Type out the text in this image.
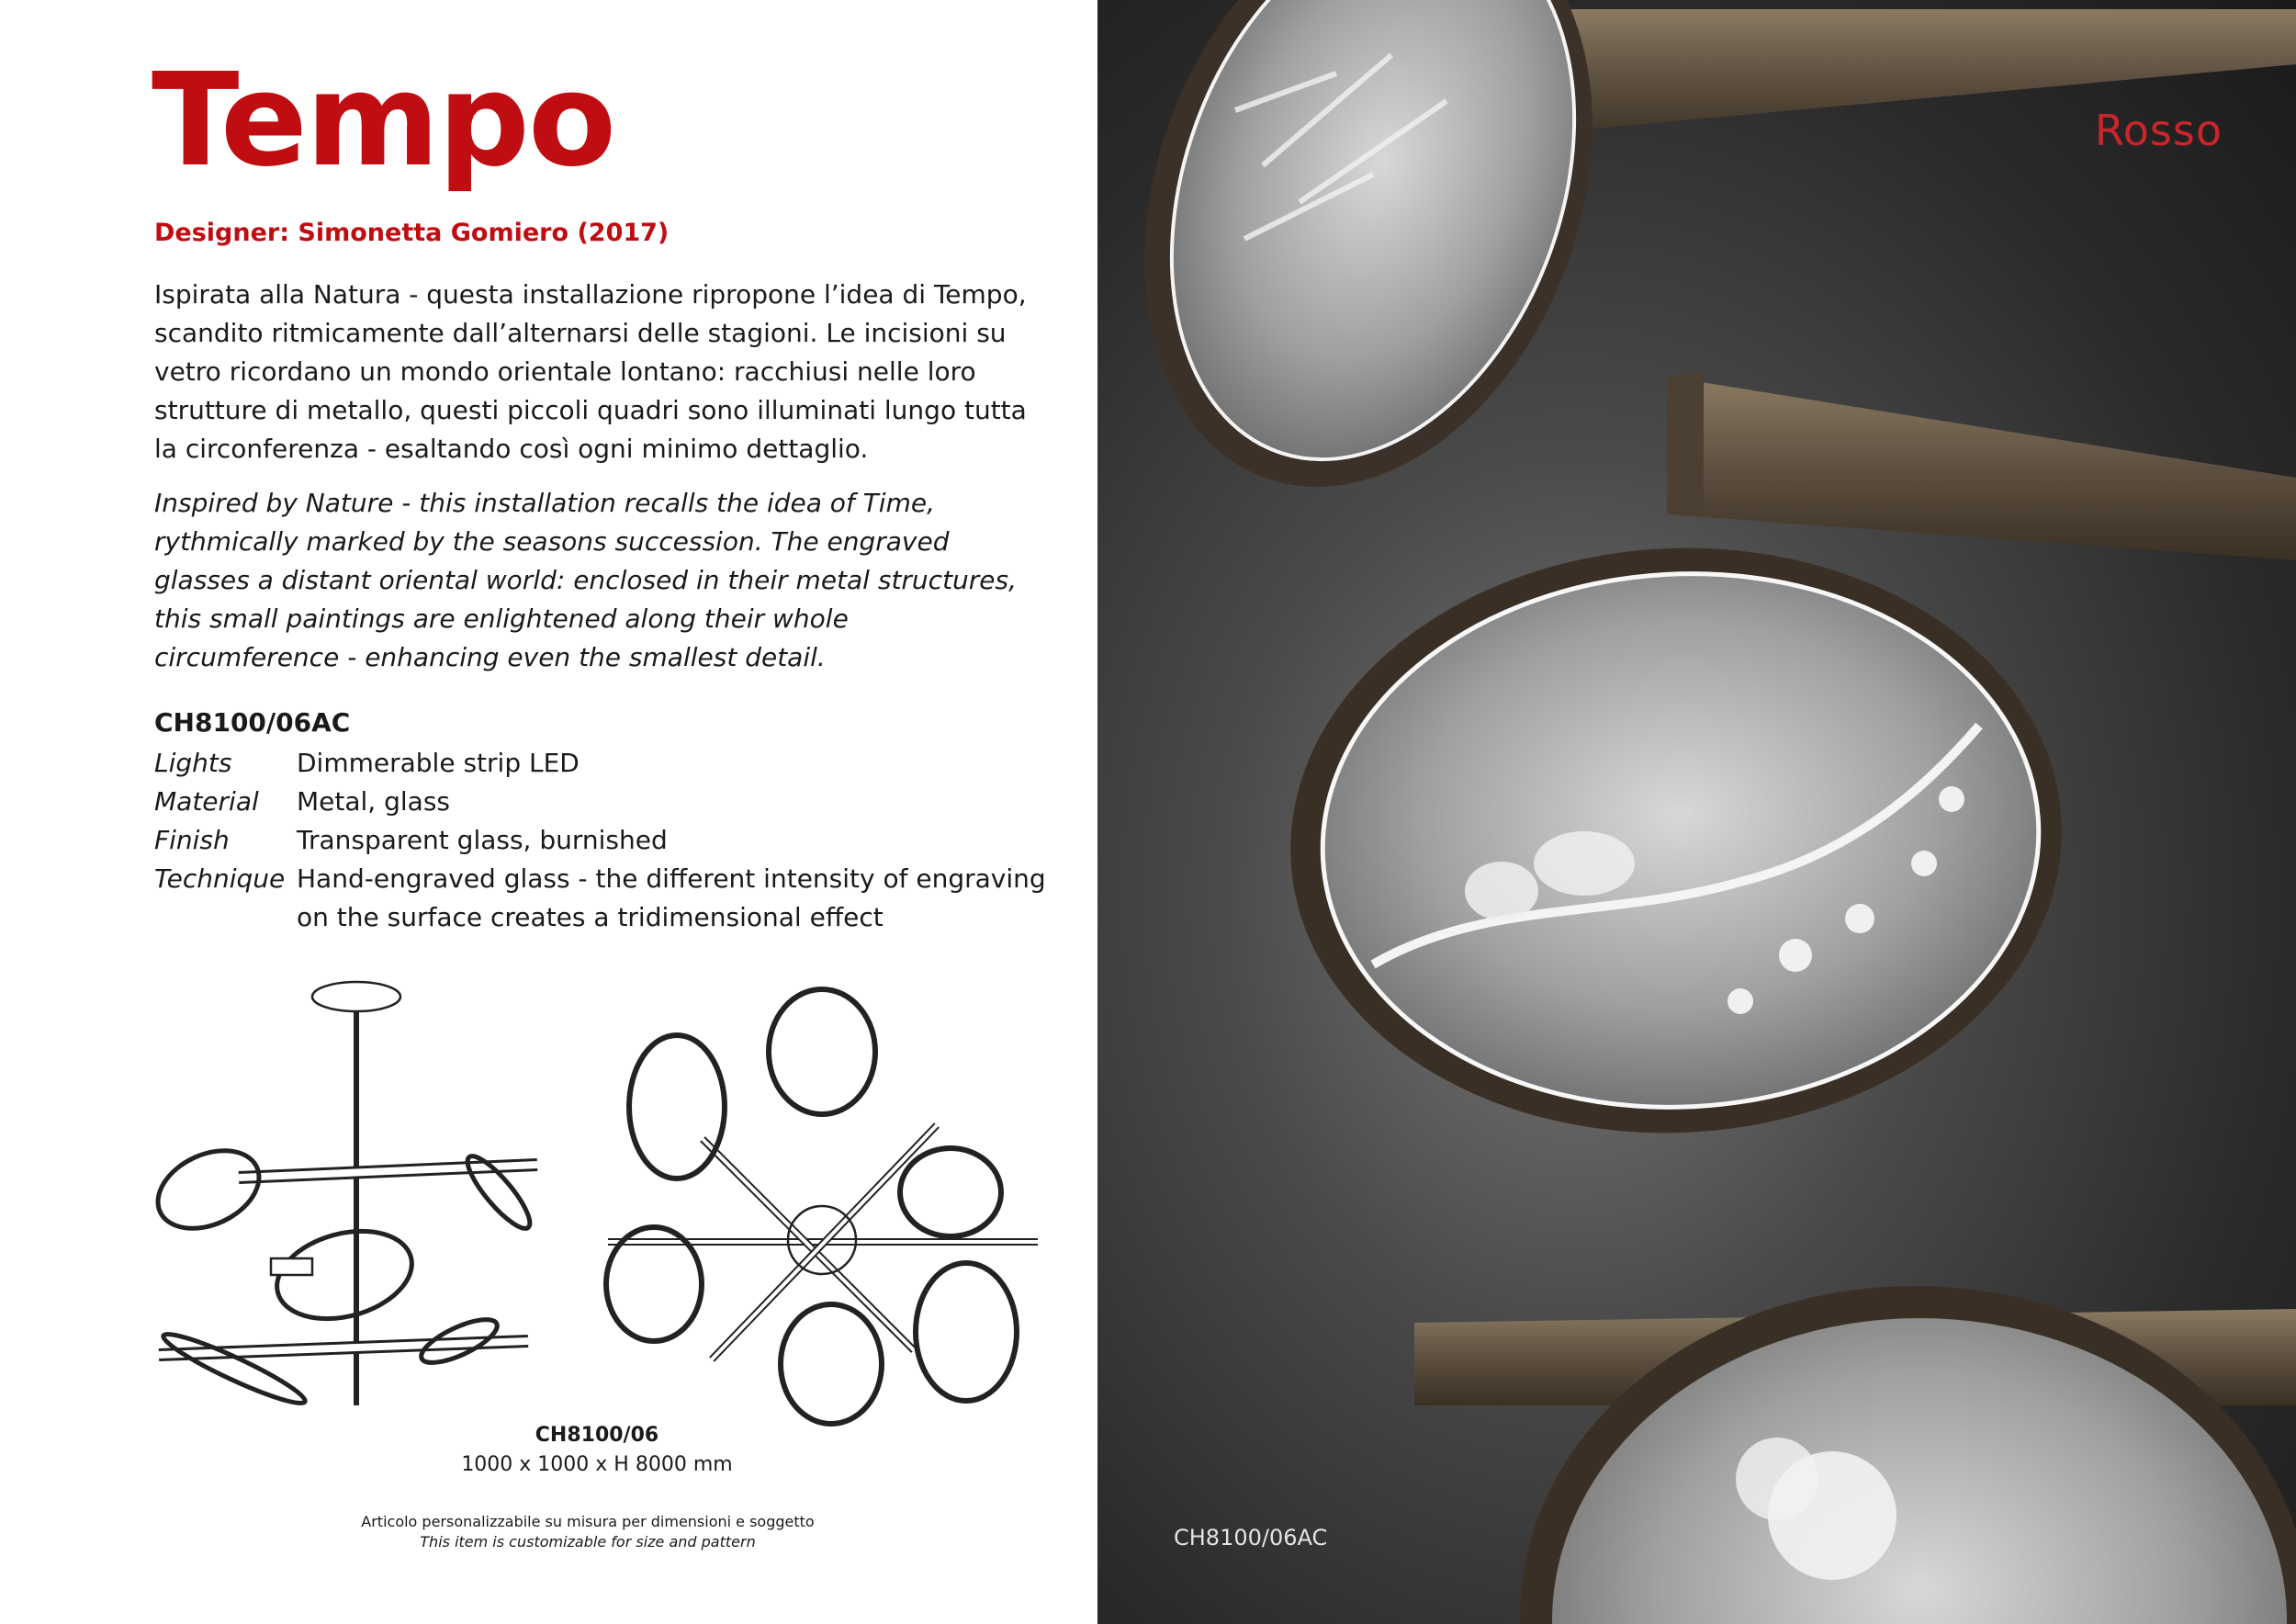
Tempo

Designer: Simonetta Gomiero (2017)

Ispirata alla Natura - questa installazione ripropone l’idea di Tempo, scandito ritmicamente dall’alternarsi delle stagioni. Le incisioni su vetro ricordano un mondo orientale lontano: racchiusi nelle loro strutture di metallo, questi piccoli quadri sono illuminati lungo tutta la circonferenza - esaltando così ogni minimo dettaglio.

Inspired by Nature - this installation recalls the idea of Time, rythmically marked by the seasons succession. The engraved glasses a distant oriental world: enclosed in their metal structures, this small paintings are enlightened along their whole circumference - enhancing even the smallest detail.

CH8100/06AC

Lights	Dimmerable strip LED
Material	Metal, glass
Finish	Transparent glass, burnished
Technique Hand-engraved glass - the different intensity of engraving on the surface creates a tridimensional effect
CH8100/06
1000 x 1000 x H 8000 mm
Articolo personalizzabile su misura per dimensioni e soggetto
This item is customizable for size and pattern	CH8100/06AC
Rosso
